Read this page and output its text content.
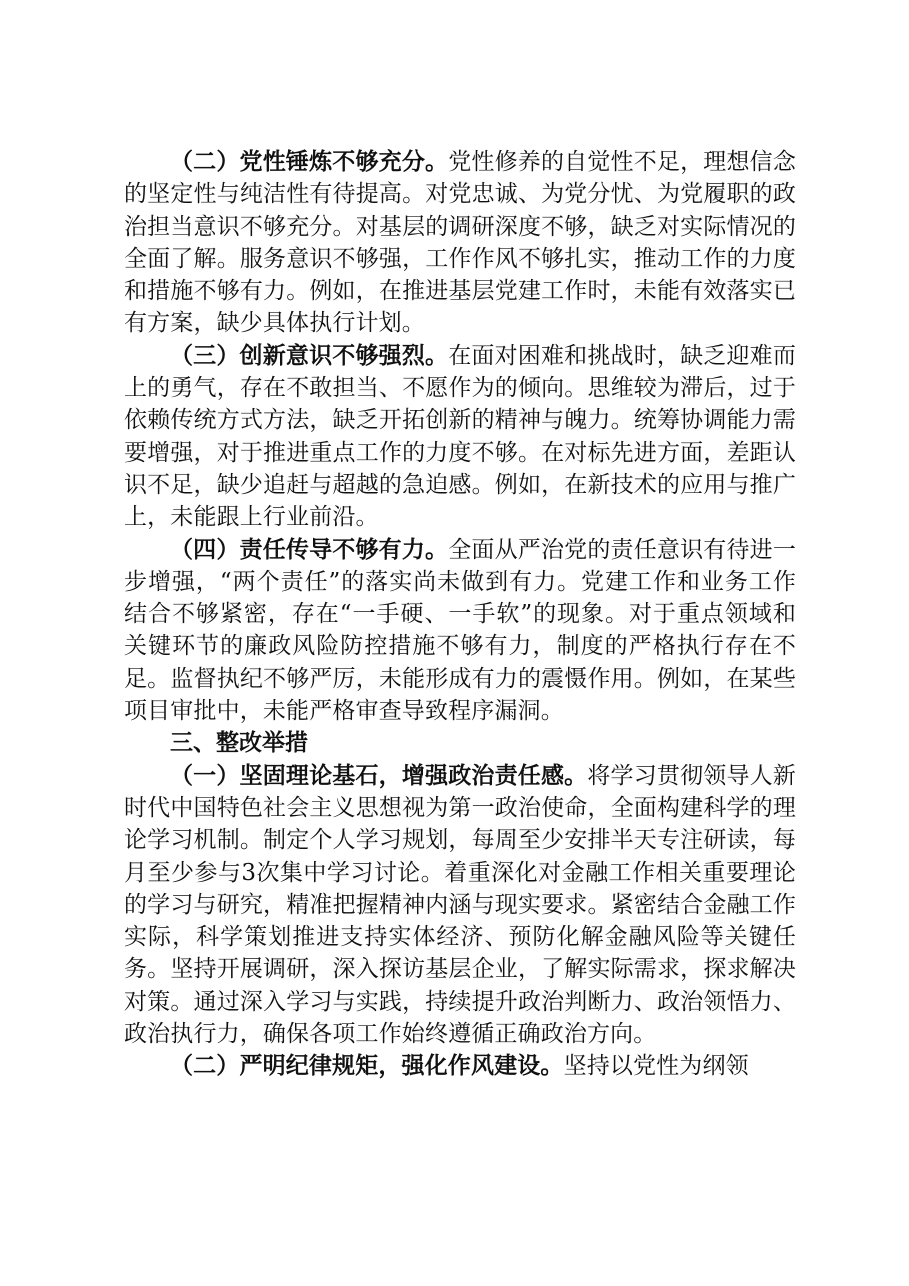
（二）党性锤炼不够充分。党性修养的自觉性不足，理想信念的坚定性与纯洁性有待提高。对党忠诚、为党分忧、为党履职的政治担当意识不够充分。对基层的调研深度不够，缺乏对实际情况的全面了解。服务意识不够强，工作作风不够扎实，推动工作的力度和措施不够有力。例如，在推进基层党建工作时，未能有效落实已有方案，缺少具体执行计划。

（三）创新意识不够强烈。在面对困难和挑战时，缺乏迎难而上的勇气，存在不敢担当、不愿作为的倾向。思维较为滞后，过于依赖传统方式方法，缺乏开拓创新的精神与魄力。统筹协调能力需要增强，对于推进重点工作的力度不够。在对标先进方面，差距认识不足，缺少追赶与超越的急迫感。例如，在新技术的应用与推广上，未能跟上行业前沿。

（四）责任传导不够有力。全面从严治党的责任意识有待进一步增强，“两个责任”的落实尚未做到有力。党建工作和业务工作结合不够紧密，存在“一手硬、一手软”的现象。对于重点领域和关键环节的廉政风险防控措施不够有力，制度的严格执行存在不足。监督执纪不够严厉，未能形成有力的震慑作用。例如，在某些项目审批中，未能严格审查导致程序漏洞。

三、整改举措

（一）坚固理论基石，增强政治责任感。将学习贯彻领导人新时代中国特色社会主义思想视为第一政治使命，全面构建科学的理论学习机制。制定个人学习规划，每周至少安排半天专注研读，每月至少参与3次集中学习讨论。着重深化对金融工作相关重要理论的学习与研究，精准把握精神内涵与现实要求。紧密结合金融工作实际，科学策划推进支持实体经济、预防化解金融风险等关键任务。坚持开展调研，深入探访基层企业，了解实际需求，探求解决对策。通过深入学习与实践，持续提升政治判断力、政治领悟力、政治执行力，确保各项工作始终遵循正确政治方向。

（二）严明纪律规矩，强化作风建设。坚持以党性为纲领
